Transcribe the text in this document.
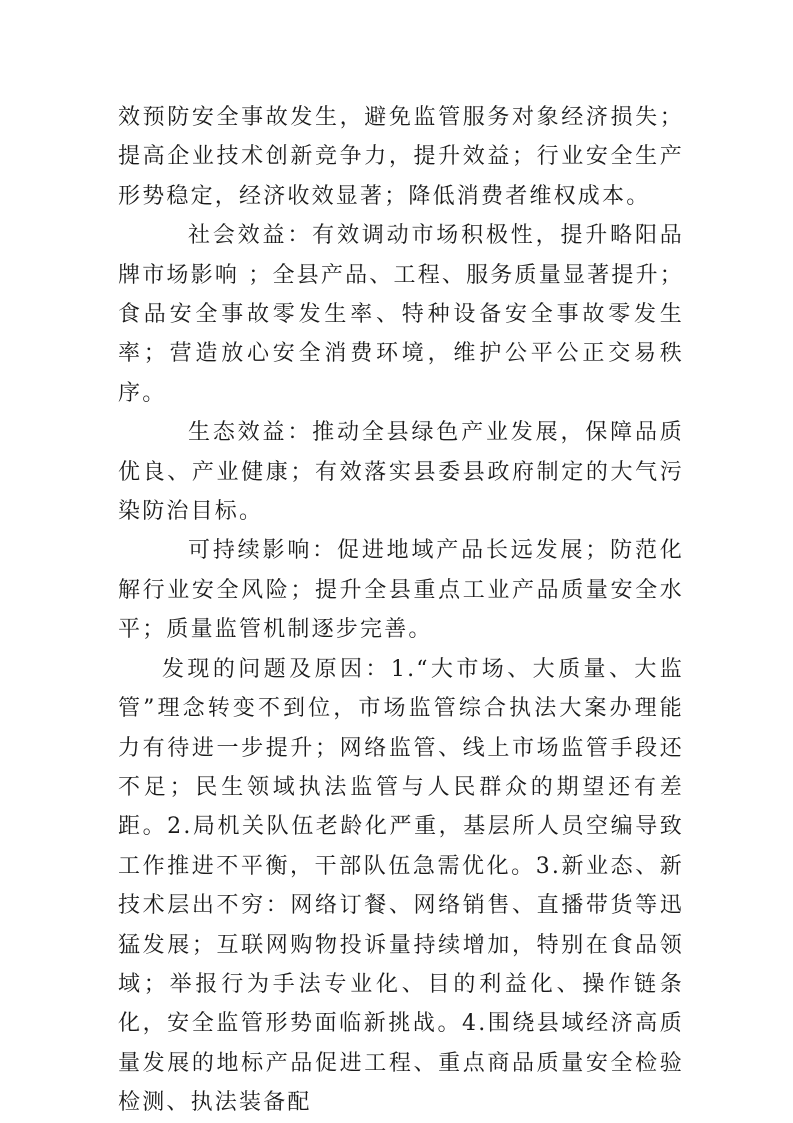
效预防安全事故发生，避免监管服务对象经济损失；提高企业技术创新竞争力，提升效益；行业安全生产形势稳定，经济收效显著；降低消费者维权成本。

社会效益：有效调动市场积极性，提升略阳品牌市场影响 ；全县产品、工程、服务质量显著提升；食品安全事故零发生率、特种设备安全事故零发生率；营造放心安全消费环境，维护公平公正交易秩序。

生态效益：推动全县绿色产业发展，保障品质优良、产业健康；有效落实县委县政府制定的大气污染防治目标。

可持续影响：促进地域产品长远发展；防范化解行业安全风险；提升全县重点工业产品质量安全水平；质量监管机制逐步完善。

发现的问题及原因：1.“大市场、大质量、大监管”理念转变不到位，市场监管综合执法大案办理能力有待进一步提升；网络监管、线上市场监管手段还不足；民生领域执法监管与人民群众的期望还有差距。2.局机关队伍老龄化严重，基层所人员空编导致工作推进不平衡，干部队伍急需优化。3.新业态、新技术层出不穷：网络订餐、网络销售、直播带货等迅猛发展；互联网购物投诉量持续增加，特别在食品领域；举报行为手法专业化、目的利益化、操作链条化，安全监管形势面临新挑战。4.围绕县域经济高质量发展的地标产品促进工程、重点商品质量安全检验检测、执法装备配
